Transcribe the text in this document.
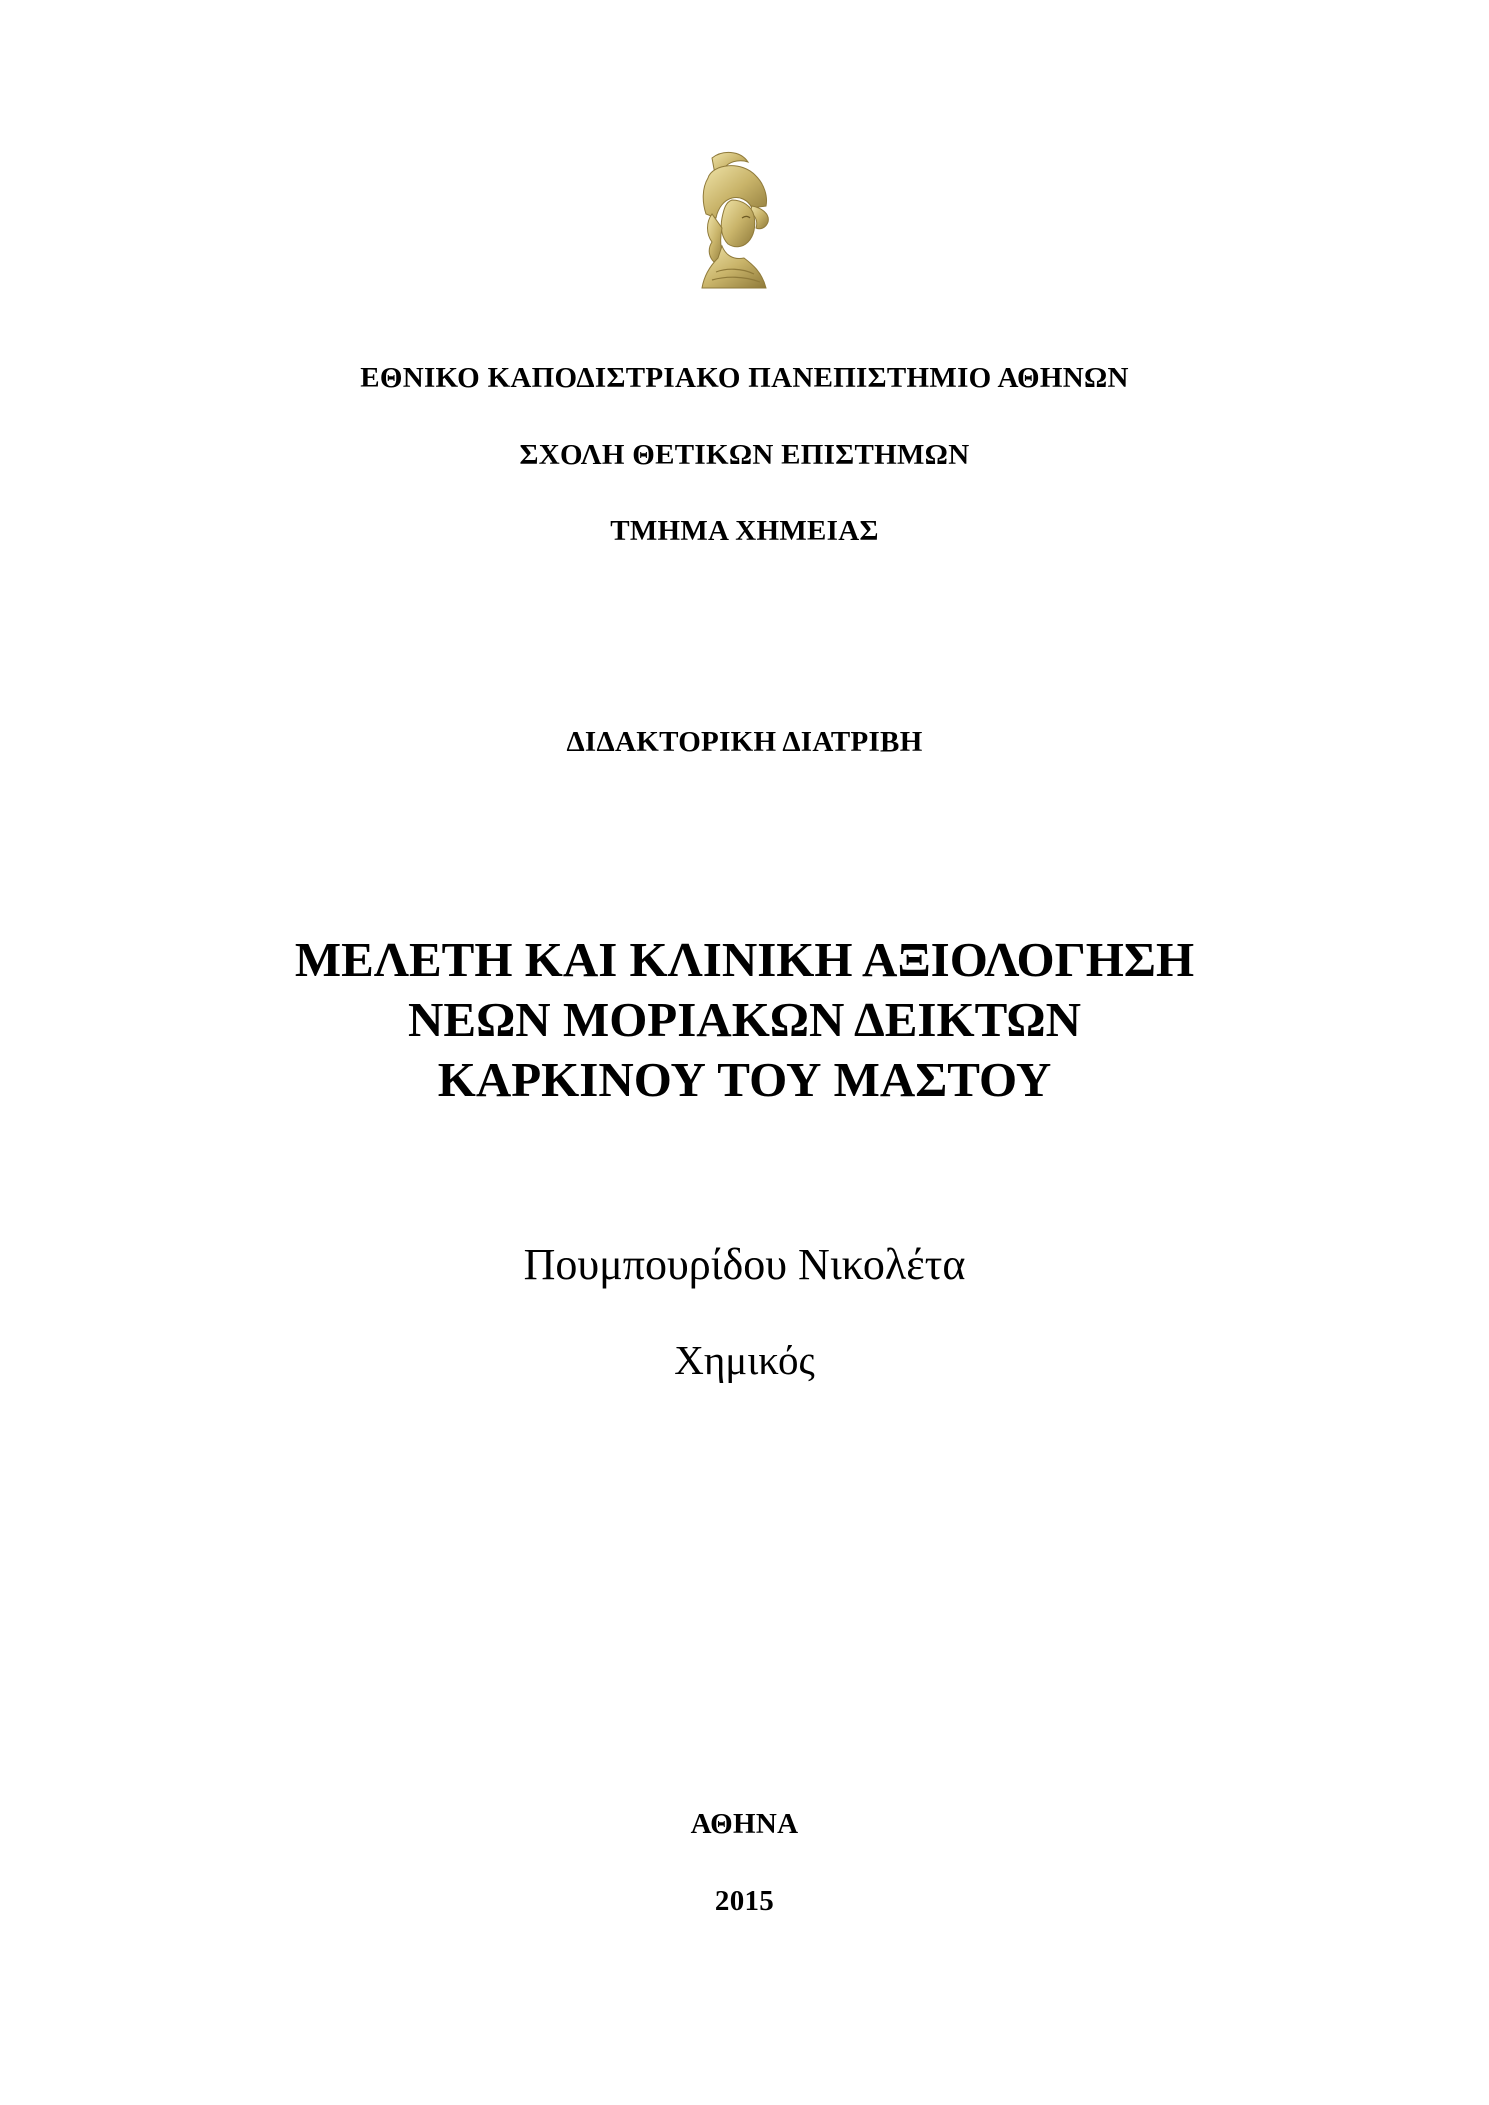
ΕΘΝΙΚΟ ΚΑΠΟΔΙΣΤΡΙΑΚΟ ΠΑΝΕΠΙΣΤΗΜΙΟ ΑΘΗΝΩΝ
ΣΧΟΛΗ ΘΕΤΙΚΩΝ ΕΠΙΣΤΗΜΩΝ
ΤΜΗΜΑ ΧΗΜΕΙΑΣ
ΔΙΔΑΚΤΟΡΙΚΗ ΔΙΑΤΡΙΒΗ
ΜΕΛΕΤΗ ΚΑΙ ΚΛΙΝΙΚΗ ΑΞΙΟΛΟΓΗΣΗ
ΝΕΩΝ ΜΟΡΙΑΚΩΝ ΔΕΙΚΤΩΝ
ΚΑΡΚΙΝΟΥ ΤΟΥ ΜΑΣΤΟΥ
Πουμπουρίδου Νικολέτα
Χημικός
ΑΘΗΝΑ
2015
